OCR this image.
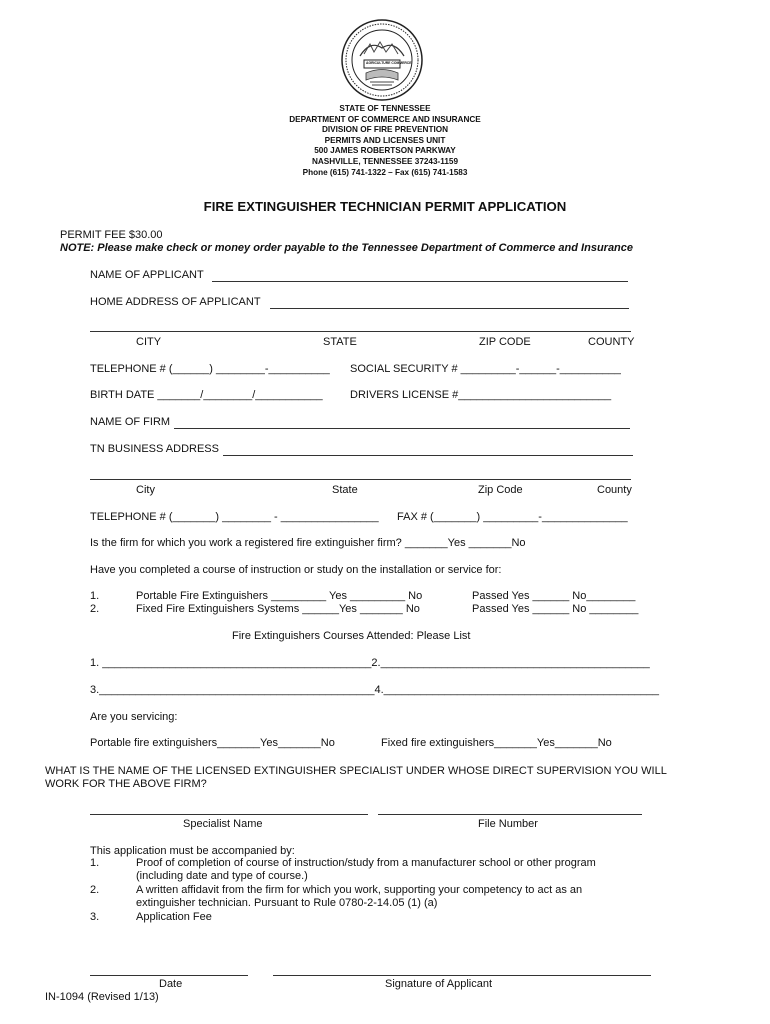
AGRICULTURE COMMERCE
STATE OF TENNESSEE
DEPARTMENT OF COMMERCE AND INSURANCE
DIVISION OF FIRE PREVENTION
PERMITS AND LICENSES UNIT
500 JAMES ROBERTSON PARKWAY
NASHVILLE, TENNESSEE 37243-1159
Phone (615) 741-1322 – Fax (615) 741-1583
FIRE EXTINGUISHER TECHNICIAN PERMIT APPLICATION
PERMIT FEE $30.00
NOTE: Please make check or money order payable to the Tennessee Department of Commerce and Insurance
NAME OF APPLICANT
HOME ADDRESS OF APPLICANT
CITY	STATE	ZIP CODE	COUNTY
TELEPHONE # (______) ________-__________ SOCIAL SECURITY # _________-______-__________
BIRTH DATE _______/________/___________ DRIVERS LICENSE #_________________________
NAME OF FIRM
TN BUSINESS ADDRESS
City	State	Zip Code	County
TELEPHONE # (_______) ________ - ________________ FAX # (_______) _________-______________
Is the firm for which you work a registered fire extinguisher firm? _______Yes _______No
Have you completed a course of instruction or study on the installation or service for:
1.	Portable Fire Extinguishers _________ Yes _________ No	Passed Yes ______ No________
2.	Fixed Fire Extinguishers Systems ______Yes _______ No	Passed Yes ______ No ________
Fire Extinguishers Courses Attended: Please List
1. ____________________________________________2.____________________________________________
3._____________________________________________4._____________________________________________
Are you servicing:
Portable fire extinguishers_______Yes_______No	Fixed fire extinguishers_______Yes_______No
WHAT IS THE NAME OF THE LICENSED EXTINGUISHER SPECIALIST UNDER WHOSE DIRECT SUPERVISION YOU WILL
WORK FOR THE ABOVE FIRM?
Specialist Name	File Number
This application must be accompanied by:
1.	Proof of completion of course of instruction/study from a manufacturer school or other program
(including date and type of course.)
2.	A written affidavit from the firm for which you work, supporting your competency to act as an
extinguisher technician. Pursuant to Rule 0780-2-14.05 (1) (a)
3.	Application Fee
Date	Signature of Applicant
IN-1094 (Revised 1/13)
